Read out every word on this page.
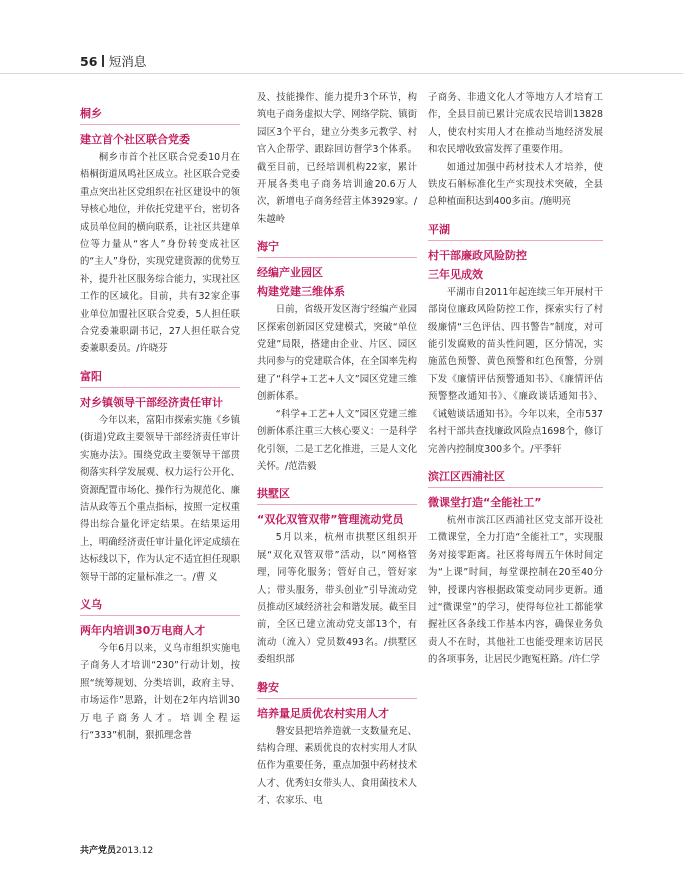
56 短消息
桐乡
建立首个社区联合党委

桐乡市首个社区联合党委10月在梧桐街道凤鸣社区成立。社区联合党委重点突出社区党组织在社区建设中的领导核心地位，并依托党建平台，密切各成员单位间的横向联系，让社区共建单位等力量从“客人”身份转变成社区的“主人”身份，实现党建资源的优势互补，提升社区服务综合能力，实现社区工作的区域化。目前，共有32家企事业单位加盟社区联合党委，5人担任联合党委兼职副书记，27人担任联合党委兼职委员。/许晓芬

富阳
对乡镇领导干部经济责任审计

今年以来，富阳市探索实施《乡镇(街道)党政主要领导干部经济责任审计实施办法》。围绕党政主要领导干部贯彻落实科学发展观、权力运行公开化、资源配置市场化、操作行为规范化、廉洁从政等五个重点指标，按照一定权重得出综合量化评定结果。在结果运用上，明确经济责任审计量化评定成绩在达标线以下，作为认定不适宜担任现职领导干部的定量标准之一。/曹 义

义乌
两年内培训30万电商人才

今年6月以来，义乌市组织实施电子商务人才培训“230”行动计划，按照“统筹规划、分类培训，政府主导、市场运作”思路，计划在2年内培训30万电子商务人才。培训全程运行“333”机制，狠抓理念普

及、技能操作、能力提升3个环节，构筑电子商务虚拟大学、网络学院、镇街园区3个平台，建立分类多元教学、村官入企帮学、跟踪回访督学3个体系。截至目前，已经培训机构22家，累计开展各类电子商务培训逾20.6万人次，新增电子商务经营主体3929家。/朱越岭

海宁
经编产业园区
构建党建三维体系

日前，省级开发区海宁经编产业园区探索创新园区党建模式，突破“单位党建”局限，搭建由企业、片区、园区共同参与的党建联合体，在全国率先构建了“科学+工艺+人文”园区党建三维创新体系。

“科学+工艺+人文”园区党建三维创新体系注重三大核心要义：一是科学化引领，二是工艺化推进，三是人文化关怀。/范浩毅

拱墅区
“双化双管双带”管理流动党员

5月以来，杭州市拱墅区组织开展“双化双管双带”活动，以“网格管理，同等化服务；管好自己，管好家人；带头服务，带头创业”引导流动党员推动区域经济社会和谐发展。截至目前，全区已建立流动党支部13个，有流动（流入）党员数493名。/拱墅区委组织部

磐安
培养量足质优农村实用人才

磐安县把培养造就一支数量充足、结构合理、素质优良的农村实用人才队伍作为重要任务，重点加强中药材技术人才、优秀妇女带头人、食用菌技术人才、农家乐、电

子商务、非遗文化人才等地方人才培育工作，全县目前已累计完成农民培训13828人，使农村实用人才在推动当地经济发展和农民增收致富发挥了重要作用。

如通过加强中药材技术人才培养，使铁皮石斛标准化生产实现技术突破，全县总种植面积达到400多亩。/施明亮

平湖
村干部廉政风险防控
三年见成效

平湖市自2011年起连续三年开展村干部岗位廉政风险防控工作，探索实行了村级廉情“三色评估、四书警告”制度，对可能引发腐败的苗头性问题，区分情况，实施蓝色预警、黄色预警和红色预警，分别下发《廉情评估预警通知书》、《廉情评估预警整改通知书》、《廉政谈话通知书》、《诫勉谈话通知书》。今年以来，全市537名村干部共查找廉政风险点1698个，修订完善内控制度300多个。/平季轩

滨江区西浦社区
微课堂打造“全能社工”

杭州市滨江区西浦社区党支部开设社工微课堂，全力打造“全能社工”，实现服务对接零距离。社区将每周五午休时间定为“上课”时间，每堂课控制在20至40分钟，授课内容根据政策变动同步更新。通过“微课堂”的学习，使得每位社工都能掌握社区各条线工作基本内容，确保业务负责人不在时，其他社工也能受理来访居民的各项事务，让居民少跑冤枉路。/许仁学

共产党员2013.12
